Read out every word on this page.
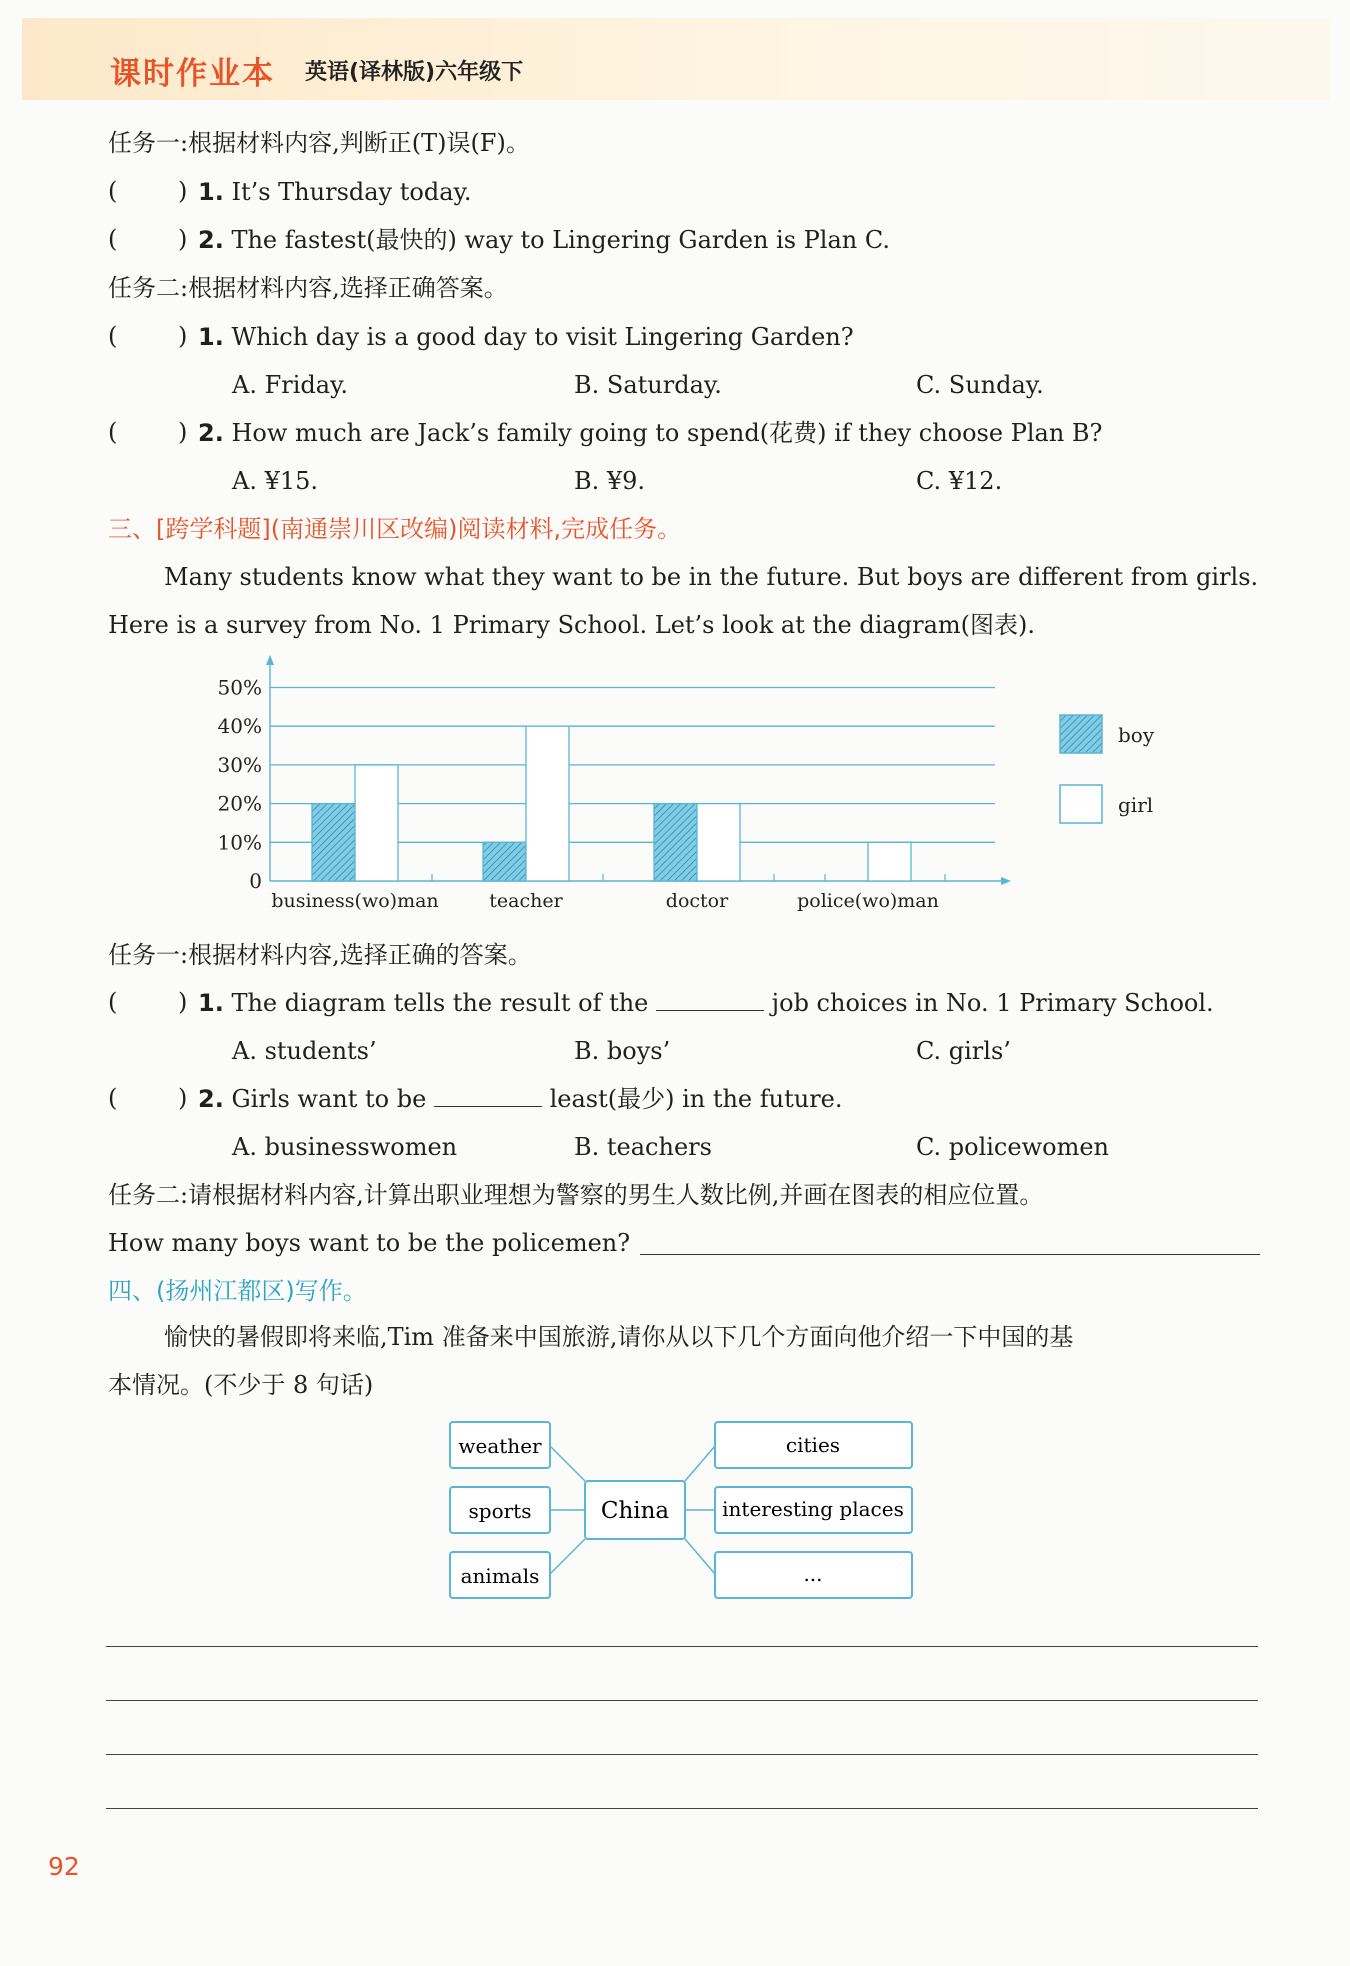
课时作业本 英语(译林版)六年级下
任务一:根据材料内容,判断正(T)误(F)。
(	) 1. It’s Thursday today.
(	) 2. The fastest(最快的) way to Lingering Garden is Plan C.
任务二:根据材料内容,选择正确答案。
(	) 1. Which day is a good day to visit Lingering Garden?
A. Friday.	B. Saturday.	C. Sunday.
(	) 2. How much are Jack’s family going to spend(花费) if they choose Plan B?
A. ¥15.	B. ¥9.	C. ¥12.
三、[跨学科题](南通崇川区改编)阅读材料,完成任务。
Many students know what they want to be in the future. But boys are different from girls.
Here is a survey from No. 1 Primary School. Let’s look at the diagram(图表).
0
10%
20%
30%
40%
50%
business(wo)man	teacher	doctor	police(wo)man
boy
girl
任务一:根据材料内容,选择正确的答案。
(	) 1. The diagram tells the result of the	job choices in No. 1 Primary School.
A. students’	B. boys’	C. girls’
(	) 2. Girls want to be	least(最少) in the future.
A. businesswomen	B. teachers	C. policewomen
任务二:请根据材料内容,计算出职业理想为警察的男生人数比例,并画在图表的相应位置。
How many boys want to be the policemen?
四、(扬州江都区)写作。
愉快的暑假即将来临,Tim 准备来中国旅游,请你从以下几个方面向他介绍一下中国的基
本情况。(不少于 8 句话)
weather
sports
animals
China
cities
interesting places
...
92
